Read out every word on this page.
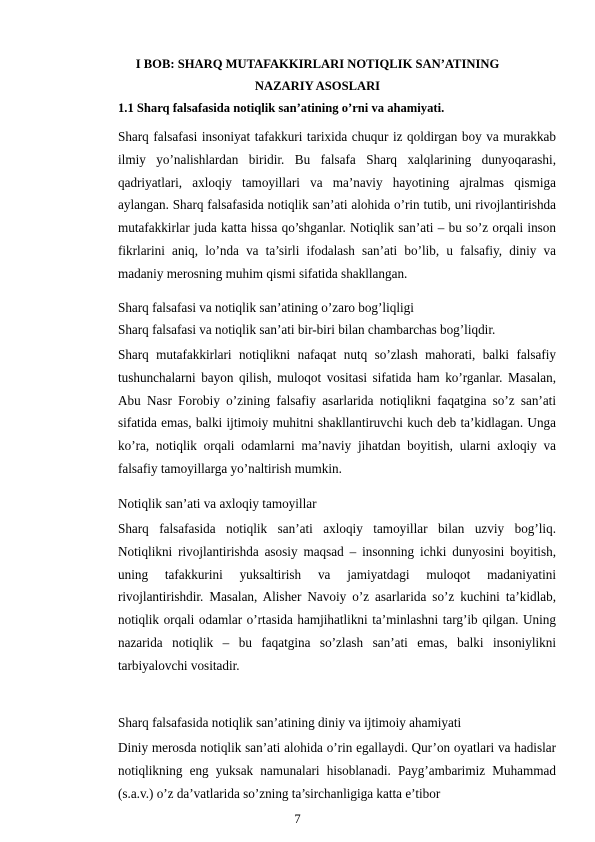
I BOB: SHARQ MUTAFAKKIRLARI NOTIQLIK SAN’ATINING
NAZARIY ASOSLARI
1.1 Sharq falsafasida notiqlik san’atining o’rni va ahamiyati.

Sharq falsafasi insoniyat tafakkuri tarixida chuqur iz qoldirgan boy va murakkab ilmiy yo’nalishlardan biridir. Bu falsafa Sharq xalqlarining dunyoqarashi, qadriyatlari, axloqiy tamoyillari va ma’naviy hayotining ajralmas qismiga aylangan. Sharq falsafasida notiqlik san’ati alohida o’rin tutib, uni rivojlantirishda mutafakkirlar juda katta hissa qo’shganlar. Notiqlik san’ati – bu so’z orqali inson fikrlarini aniq, lo’nda va ta’sirli ifodalash san’ati bo’lib, u falsafiy, diniy va madaniy merosning muhim qismi sifatida shakllangan.

Sharq falsafasi va notiqlik san’atining o’zaro bog’liqligi
Sharq falsafasi va notiqlik san’ati bir-biri bilan chambarchas bog’liqdir.

Sharq mutafakkirlari notiqlikni nafaqat nutq so’zlash mahorati, balki falsafiy tushunchalarni bayon qilish, muloqot vositasi sifatida ham ko’rganlar. Masalan, Abu Nasr Forobiy o’zining falsafiy asarlarida notiqlikni faqatgina so’z san’ati sifatida emas, balki ijtimoiy muhitni shakllantiruvchi kuch deb ta’kidlagan. Unga ko’ra, notiqlik orqali odamlarni ma’naviy jihatdan boyitish, ularni axloqiy va falsafiy tamoyillarga yo’naltirish mumkin.

Notiqlik san’ati va axloqiy tamoyillar

Sharq falsafasida notiqlik san’ati axloqiy tamoyillar bilan uzviy bog’liq. Notiqlikni rivojlantirishda asosiy maqsad – insonning ichki dunyosini boyitish, uning tafakkurini yuksaltirish va jamiyatdagi muloqot madaniyatini rivojlantirishdir. Masalan, Alisher Navoiy o’z asarlarida so’z kuchini ta’kidlab, notiqlik orqali odamlar o’rtasida hamjihatlikni ta’minlashni targ’ib qilgan. Uning nazarida notiqlik – bu faqatgina so’zlash san’ati emas, balki insoniylikni tarbiyalovchi vositadir.

Sharq falsafasida notiqlik san’atining diniy va ijtimoiy ahamiyati

Diniy merosda notiqlik san’ati alohida o’rin egallaydi. Qur’on oyatlari va hadislar notiqlikning eng yuksak namunalari hisoblanadi. Payg’ambarimiz Muhammad (s.a.v.) o’z da’vatlarida so’zning ta’sirchanligiga katta e’tibor

7
